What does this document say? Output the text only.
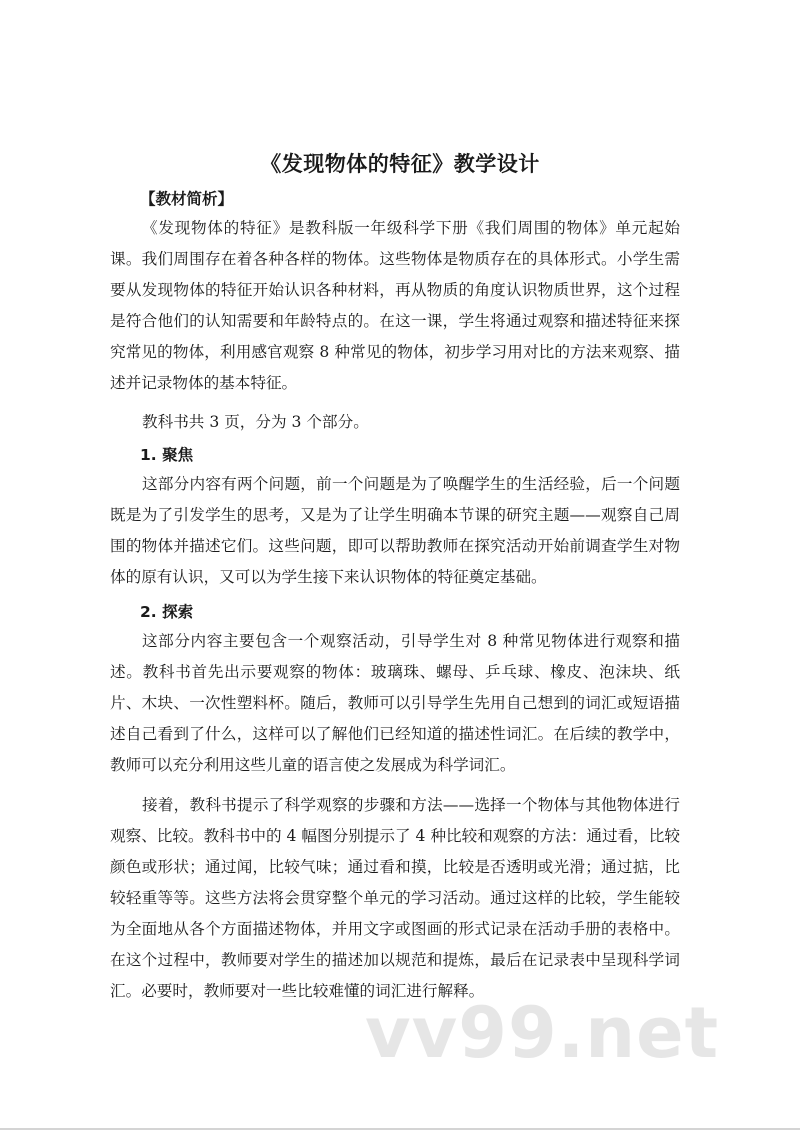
《发现物体的特征》教学设计
【教材简析】

《发现物体的特征》是教科版一年级科学下册《我们周围的物体》单元起始课。我们周围存在着各种各样的物体。这些物体是物质存在的具体形式。小学生需要从发现物体的特征开始认识各种材料，再从物质的角度认识物质世界，这个过程是符合他们的认知需要和年龄特点的。在这一课，学生将通过观察和描述特征来探究常见的物体，利用感官观察 8 种常见的物体，初步学习用对比的方法来观察、描述并记录物体的基本特征。

教科书共 3 页，分为 3 个部分。

1. 聚焦

这部分内容有两个问题，前一个问题是为了唤醒学生的生活经验，后一个问题既是为了引发学生的思考，又是为了让学生明确本节课的研究主题——观察自己周围的物体并描述它们。这些问题，即可以帮助教师在探究活动开始前调查学生对物体的原有认识，又可以为学生接下来认识物体的特征奠定基础。

2. 探索

这部分内容主要包含一个观察活动，引导学生对 8 种常见物体进行观察和描述。教科书首先出示要观察的物体：玻璃珠、螺母、乒乓球、橡皮、泡沫块、纸片、木块、一次性塑料杯。随后，教师可以引导学生先用自己想到的词汇或短语描述自己看到了什么，这样可以了解他们已经知道的描述性词汇。在后续的教学中，教师可以充分利用这些儿童的语言使之发展成为科学词汇。

接着，教科书提示了科学观察的步骤和方法——选择一个物体与其他物体进行观察、比较。教科书中的 4 幅图分别提示了 4 种比较和观察的方法：通过看，比较颜色或形状；通过闻，比较气味；通过看和摸，比较是否透明或光滑；通过掂，比较轻重等等。这些方法将会贯穿整个单元的学习活动。通过这样的比较，学生能较为全面地从各个方面描述物体，并用文字或图画的形式记录在活动手册的表格中。在这个过程中，教师要对学生的描述加以规范和提炼，最后在记录表中呈现科学词汇。必要时，教师要对一些比较难懂的词汇进行解释。

vv99.net
